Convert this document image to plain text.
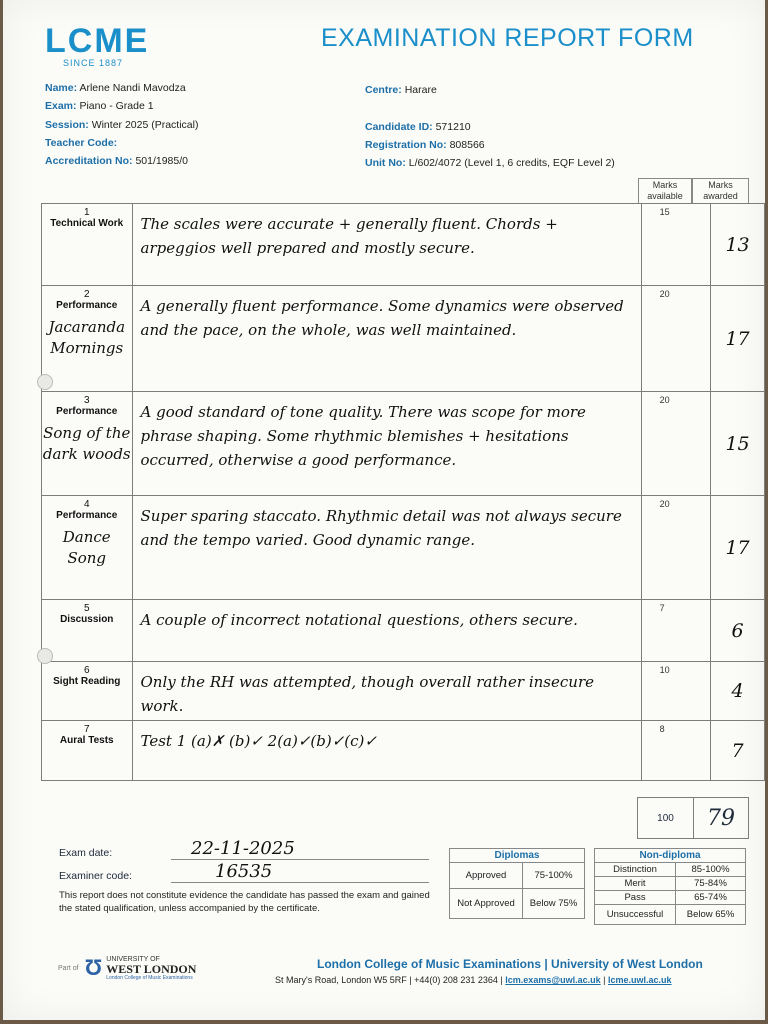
LCME
SINCE 1887
EXAMINATION REPORT FORM
Name: Arlene Nandi Mavodza
Exam: Piano - Grade 1
Session: Winter 2025 (Practical)
Teacher Code:
Accreditation No: 501/1985/0
Centre: Harare
Candidate ID: 571210
Registration No: 808566
Unit No: L/602/4072 (Level 1, 6 credits, EQF Level 2)
Marks available
Marks awarded
1
Technical Work	The scales were accurate + generally fluent. Chords + arpeggios well prepared and mostly secure.	15	13

2
Performance
Jacaranda Mornings	A generally fluent performance. Some dynamics were observed and the pace, on the whole, was well maintained.	20	17

3
Performance
Song of the dark woods	A good standard of tone quality. There was scope for more phrase shaping. Some rhythmic blemishes + hesitations occurred, otherwise a good performance.	20	15

4
Performance
Dance Song	Super sparing staccato. Rhythmic detail was not always secure and the tempo varied. Good dynamic range.	20	17

5
Discussion	A couple of incorrect notational questions, others secure.	7	6

6
Sight Reading	Only the RH was attempted, though overall rather insecure work.	10	4

7
Aural Tests	Test 1 (a)✗ (b)✓ 2(a)✓(b)✓(c)✓	8	7
100	79
Exam date:	22-11-2025
Examiner code:	16535
This report does not constitute evidence the candidate has passed the exam and gained the stated qualification, unless accompanied by the certificate.
Diplomas	
Approved	75-100%
Not Approved	Below 75%
Non-diploma	
Distinction	85-100%
Merit	75-84%
Pass	65-74%
Unsuccessful	Below 65%
Part of Ʊ UNIVERSITY OF
WEST LONDON
London College of Music Examinations
London College of Music Examinations | University of West London
St Mary's Road, London W5 5RF | +44(0) 208 231 2364 | lcm.exams@uwl.ac.uk | lcme.uwl.ac.uk
